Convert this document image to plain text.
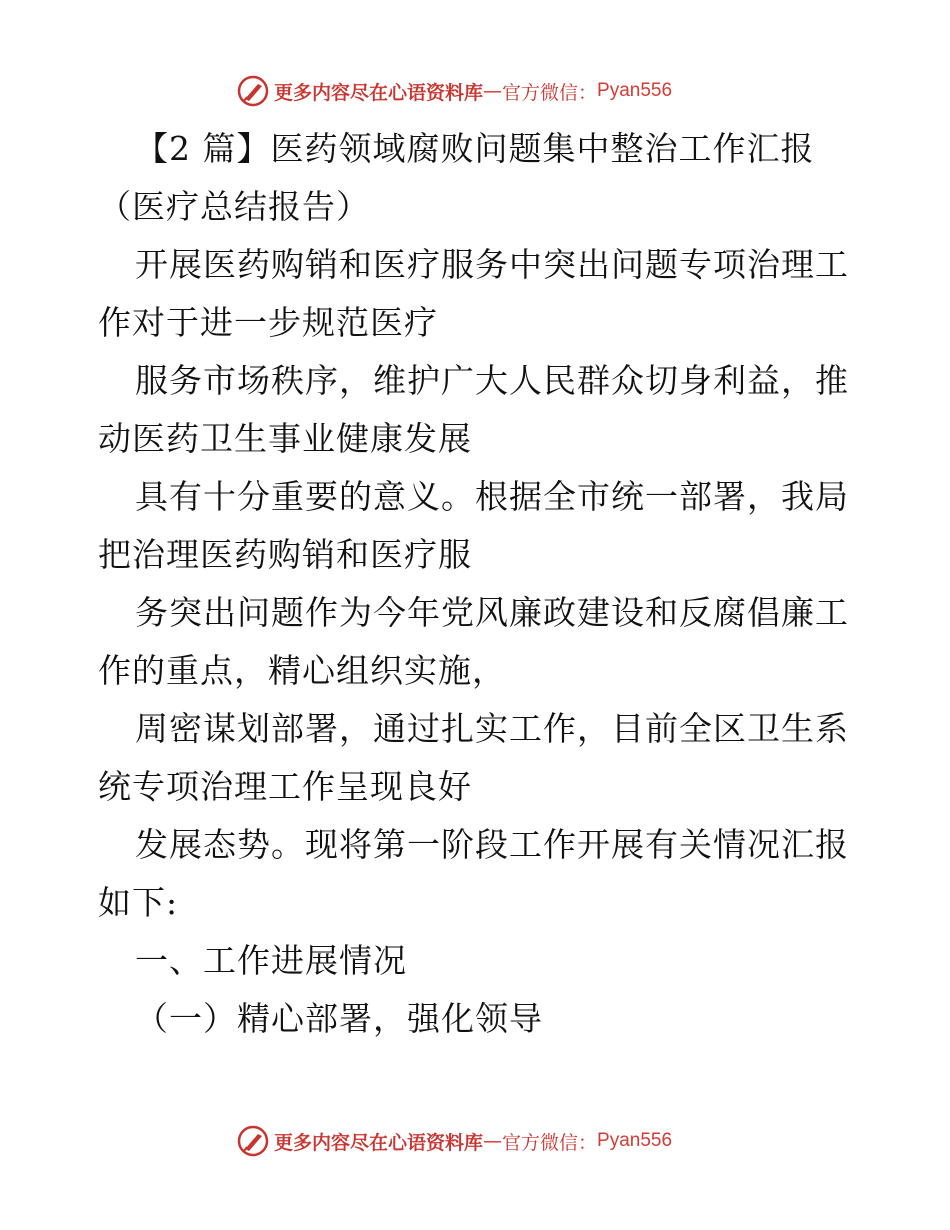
更多内容尽在心语资料库 — 官方微信： Pyan556
【2 篇】医药领域腐败问题集中整治工作汇报
（医疗总结报告）
开展医药购销和医疗服务中突出问题专项治理工
作对于进一步规范医疗
服务市场秩序，维护广大人民群众切身利益，推
动医药卫生事业健康发展
具有十分重要的意义。根据全市统一部署，我局
把治理医药购销和医疗服
务突出问题作为今年党风廉政建设和反腐倡廉工
作的重点，精心组织实施，
周密谋划部署，通过扎实工作，目前全区卫生系
统专项治理工作呈现良好
发展态势。现将第一阶段工作开展有关情况汇报
如下:
一、工作进展情况
（一）精心部署，强化领导
更多内容尽在心语资料库 — 官方微信： Pyan556
